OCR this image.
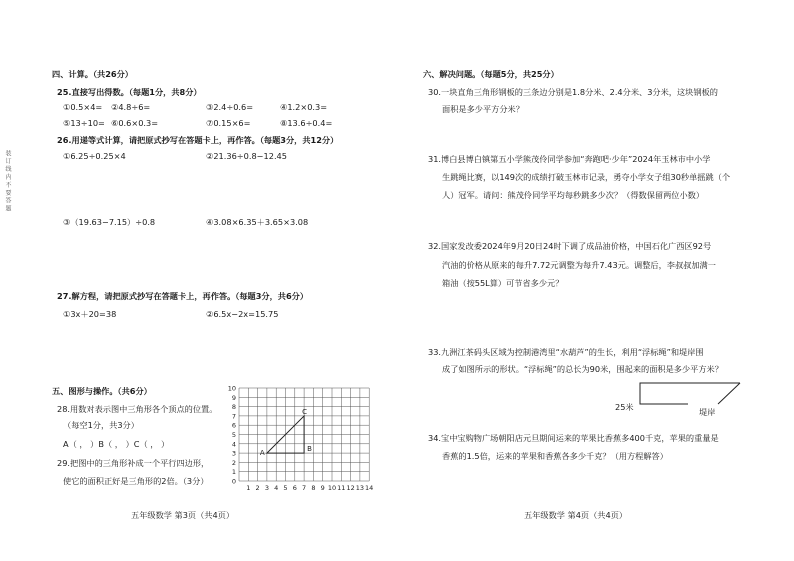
装 订 线 内 不 要 答 题
四、计算。（共26分）
25.直接写出得数。（每题1分，共8分）
①0.5×4= ②4.8÷6=	③2.4÷0.6=	④1.2×0.3=
⑤13÷10= ⑥0.6×0.3=	⑦0.15×6=	⑧13.6÷0.4=
26.用递等式计算，请把原式抄写在答题卡上，再作答。（每题3分，共12分）
①6.25÷0.25×4	②21.36÷0.8−12.45
③（19.63−7.15）÷0.8	④3.08×6.35＋3.65×3.08
27.解方程，请把原式抄写在答题卡上，再作答。（每题3分，共6分）
①3x＋20=38	②6.5x−2x=15.75
五、图形与操作。（共6分）
28.用数对表示图中三角形各个顶点的位置。
（每空1分，共3分）
A（ ， ）B（ ， ）C（ ， ）
29.把图中的三角形补成一个平行四边形，
使它的面积正好是三角形的2倍。（3分）	0
1
2
3
4
5
6
7
8
9
10
1 2 3 4 5 6 7 8 9 10 11 12 13 14
A	B
C
五年级数学 第3页（共4页）
六、解决问题。（每题5分，共25分）
30.一块直角三角形钢板的三条边分别是1.8分米、2.4分米、3分米，这块钢板的
面积是多少平方分米？
31.博白县博白镇第五小学熊茂伶同学参加“奔跑吧·少年”2024年玉林市中小学
生跳绳比赛，以149次的成绩打破玉林市记录，勇夺小学女子组30秒单摇跳（个
人）冠军。请问：熊茂伶同学平均每秒跳多少次？（得数保留两位小数）
32.国家发改委2024年9月20日24时下调了成品油价格，中国石化广西区92号
汽油的价格从原来的每升7.72元调整为每升7.43元。调整后，李叔叔加满一
箱油（按55L算）可节省多少元？
33.九洲江茶码头区域为控制港湾里“水葫芦”的生长，利用“浮标绳”和堤岸围
成了如图所示的形状。“浮标绳”的总长为90米，围起来的面积是多少平方米？
25米	堤岸
34.宝中宝购物广场朝阳店元旦期间运来的苹果比香蕉多400千克，苹果的重量是
香蕉的1.5倍，运来的苹果和香蕉各多少千克？（用方程解答）
五年级数学 第4页（共4页）
